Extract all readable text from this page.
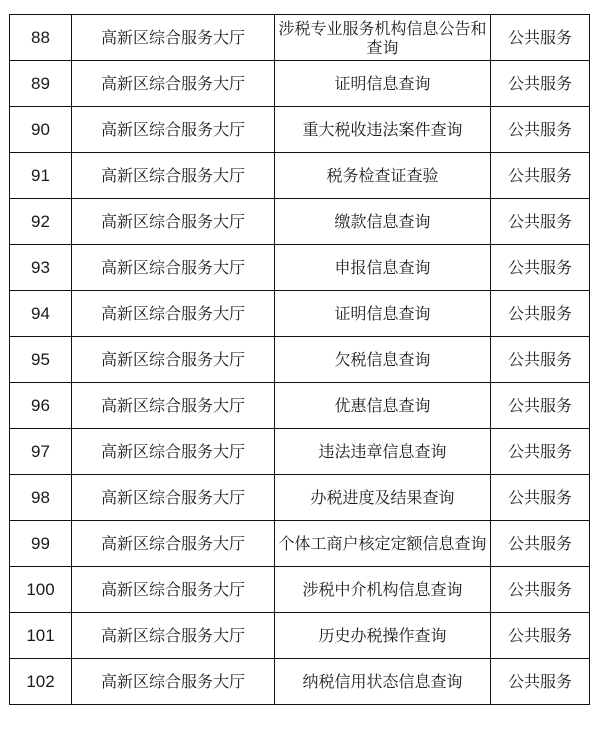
88	高新区综合服务大厅	涉税专业服务机构信息公告和查询	公共服务
89	高新区综合服务大厅	证明信息查询	公共服务
90	高新区综合服务大厅	重大税收违法案件查询	公共服务
91	高新区综合服务大厅	税务检查证查验	公共服务
92	高新区综合服务大厅	缴款信息查询	公共服务
93	高新区综合服务大厅	申报信息查询	公共服务
94	高新区综合服务大厅	证明信息查询	公共服务
95	高新区综合服务大厅	欠税信息查询	公共服务
96	高新区综合服务大厅	优惠信息查询	公共服务
97	高新区综合服务大厅	违法违章信息查询	公共服务
98	高新区综合服务大厅	办税进度及结果查询	公共服务
99	高新区综合服务大厅	个体工商户核定定额信息查询	公共服务
100	高新区综合服务大厅	涉税中介机构信息查询	公共服务
101	高新区综合服务大厅	历史办税操作查询	公共服务
102	高新区综合服务大厅	纳税信用状态信息查询	公共服务
